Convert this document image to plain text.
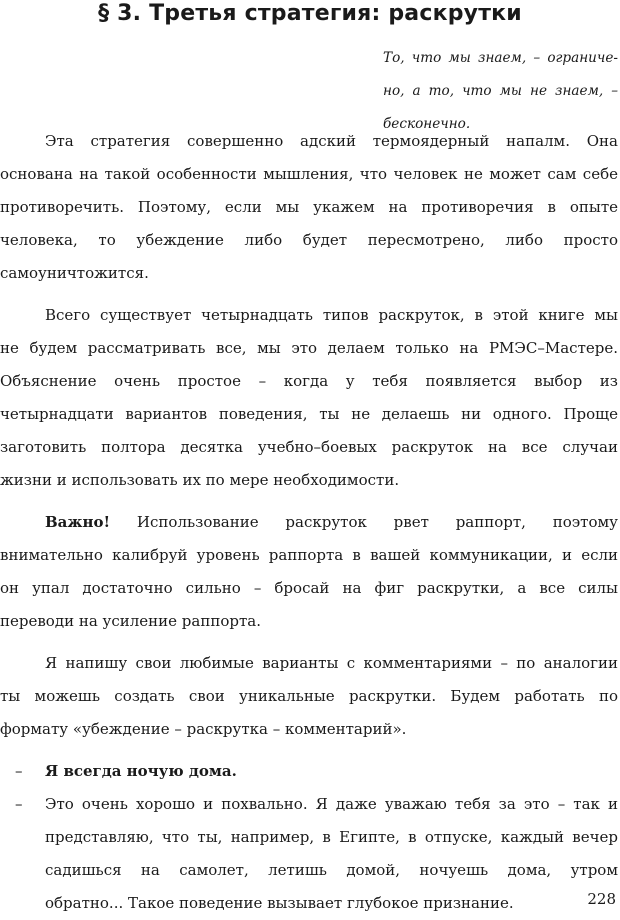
§ 3. Третья стратегия: раскрутки
То, что мы знаем, – ограниче-
но, а то, что мы не знаем, –
бесконечно.
Эта стратегия совершенно адский термоядерный напалм. Она
основана на такой особенности мышления, что человек не может сам себе
противоречить. Поэтому, если мы укажем на противоречия в опыте
человека, то убеждение либо будет пересмотрено, либо просто
самоуничтожится.
Всего существует четырнадцать типов раскруток, в этой книге мы
не будем рассматривать все, мы это делаем только на РМЭС–Мастере.
Объяснение очень простое – когда у тебя появляется выбор из
четырнадцати вариантов поведения, ты не делаешь ни одного. Проще
заготовить полтора десятка учебно–боевых раскруток на все случаи
жизни и использовать их по мере необходимости.
Важно! Использование раскруток рвет раппорт, поэтому
внимательно калибруй уровень раппорта в вашей коммуникации, и если
он упал достаточно сильно – бросай на фиг раскрутки, а все силы
переводи на усиление раппорта.
Я напишу свои любимые варианты с комментариями – по аналогии
ты можешь создать свои уникальные раскрутки. Будем работать по
формату «убеждение – раскрутка – комментарий».
– Я всегда ночую дома.
– Это очень хорошо и похвально. Я даже уважаю тебя за это – так и
представляю, что ты, например, в Египте, в отпуске, каждый вечер
садишься на самолет, летишь домой, ночуешь дома, утром
обратно... Такое поведение вызывает глубокое признание.	228
